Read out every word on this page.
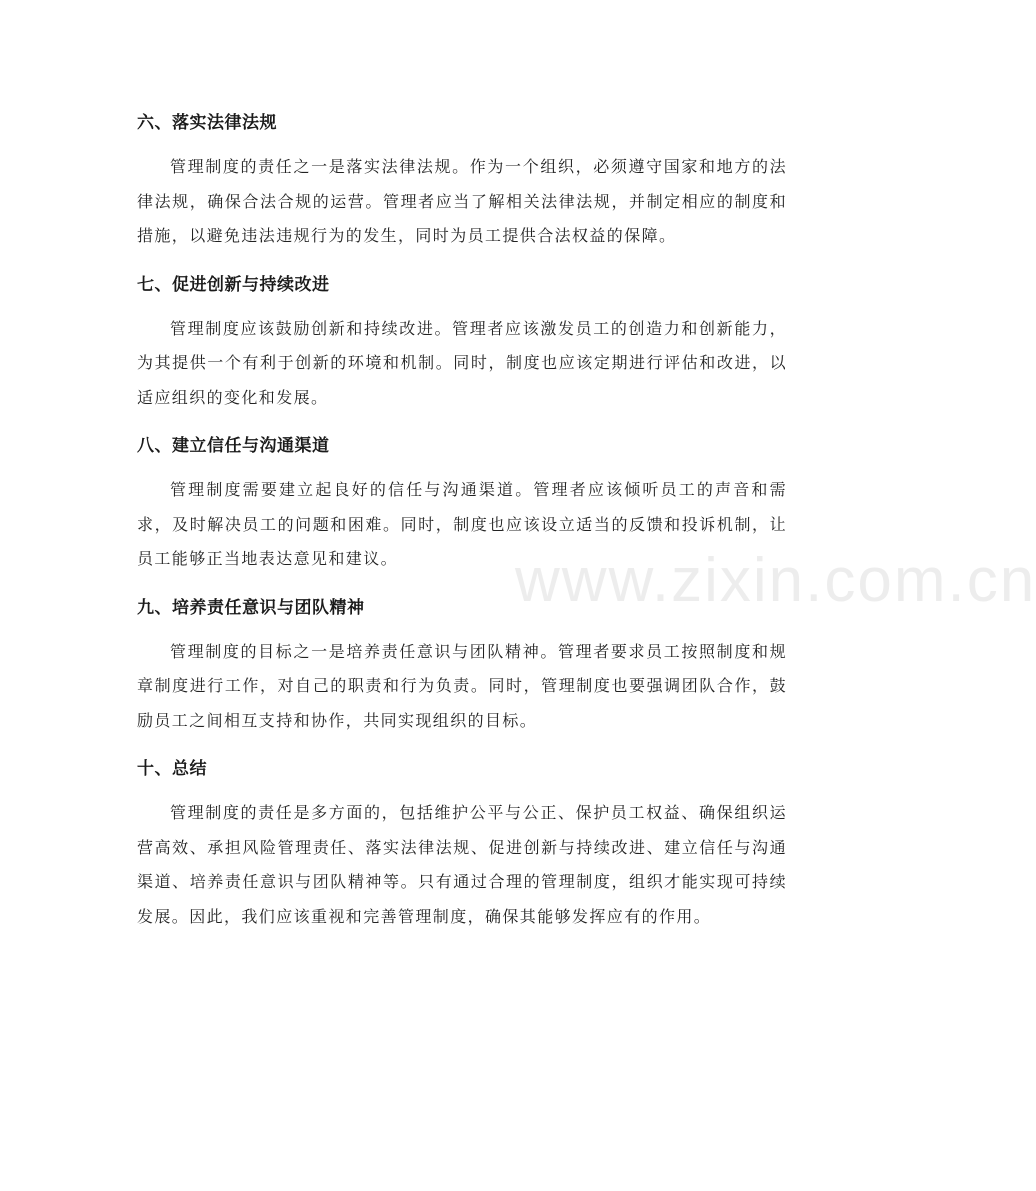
六、落实法律法规

管理制度的责任之一是落实法律法规。作为一个组织，必须遵守国家和地方的法律法规，确保合法合规的运营。管理者应当了解相关法律法规，并制定相应的制度和措施，以避免违法违规行为的发生，同时为员工提供合法权益的保障。

七、促进创新与持续改进

管理制度应该鼓励创新和持续改进。管理者应该激发员工的创造力和创新能力，为其提供一个有利于创新的环境和机制。同时，制度也应该定期进行评估和改进，以适应组织的变化和发展。

八、建立信任与沟通渠道

管理制度需要建立起良好的信任与沟通渠道。管理者应该倾听员工的声音和需求，及时解决员工的问题和困难。同时，制度也应该设立适当的反馈和投诉机制，让员工能够正当地表达意见和建议。

九、培养责任意识与团队精神

管理制度的目标之一是培养责任意识与团队精神。管理者要求员工按照制度和规章制度进行工作，对自己的职责和行为负责。同时，管理制度也要强调团队合作，鼓励员工之间相互支持和协作，共同实现组织的目标。

十、总结

管理制度的责任是多方面的，包括维护公平与公正、保护员工权益、确保组织运营高效、承担风险管理责任、落实法律法规、促进创新与持续改进、建立信任与沟通渠道、培养责任意识与团队精神等。只有通过合理的管理制度，组织才能实现可持续发展。因此，我们应该重视和完善管理制度，确保其能够发挥应有的作用。

www.zixin.com.cn
